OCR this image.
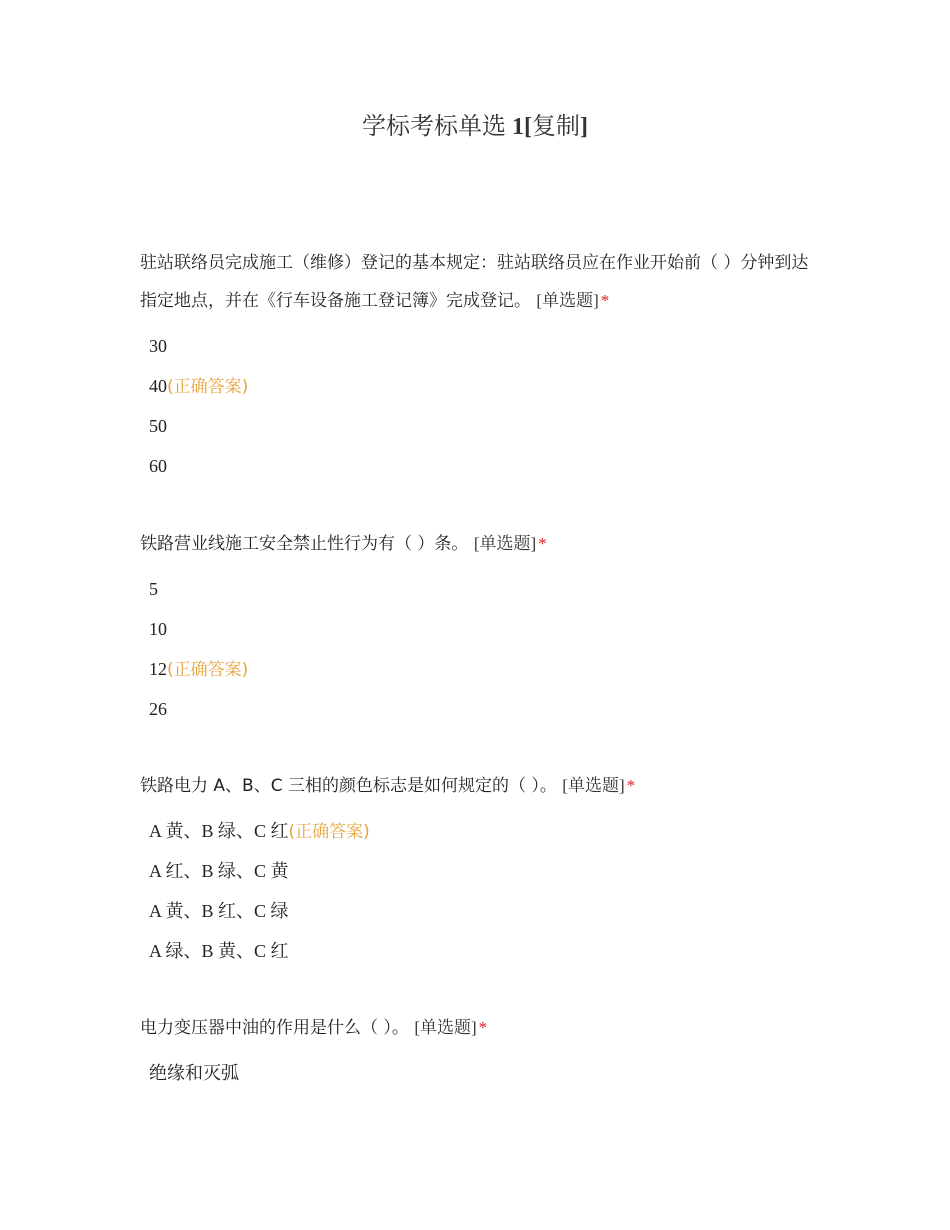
学标考标单选 1[复制]

驻站联络员完成施工（维修）登记的基本规定：驻站联络员应在作业开始前（ ）分钟到达指定地点，并在《行车设备施工登记簿》完成登记。 [单选题] *

30
40(正确答案)
50
60

铁路营业线施工安全禁止性行为有（ ）条。 [单选题] *

5
10
12(正确答案)
26

铁路电力 A、B、C 三相的颜色标志是如何规定的（ ）。 [单选题] *

A 黄、B 绿、C 红(正确答案)
A 红、B 绿、C 黄
A 黄、B 红、C 绿
A 绿、B 黄、C 红

电力变压器中油的作用是什么（ ）。 [单选题] *

绝缘和灭弧
